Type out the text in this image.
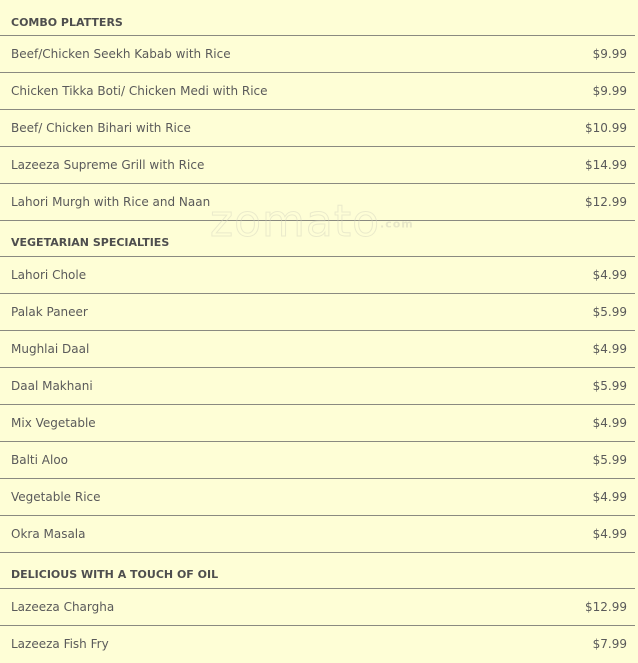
COMBO PLATTERS
Beef/Chicken Seekh Kabab with Rice	$9.99
Chicken Tikka Boti/ Chicken Medi with Rice	$9.99
Beef/ Chicken Bihari with Rice	$10.99
Lazeeza Supreme Grill with Rice	$14.99
Lahori Murgh with Rice and Naan	$12.99
VEGETARIAN SPECIALTIES
Lahori Chole	$4.99
Palak Paneer	$5.99
Mughlai Daal	$4.99
Daal Makhani	$5.99
Mix Vegetable	$4.99
Balti Aloo	$5.99
Vegetable Rice	$4.99
Okra Masala	$4.99
DELICIOUS WITH A TOUCH OF OIL
Lazeeza Chargha	$12.99
Lazeeza Fish Fry	$7.99
zomato.com
